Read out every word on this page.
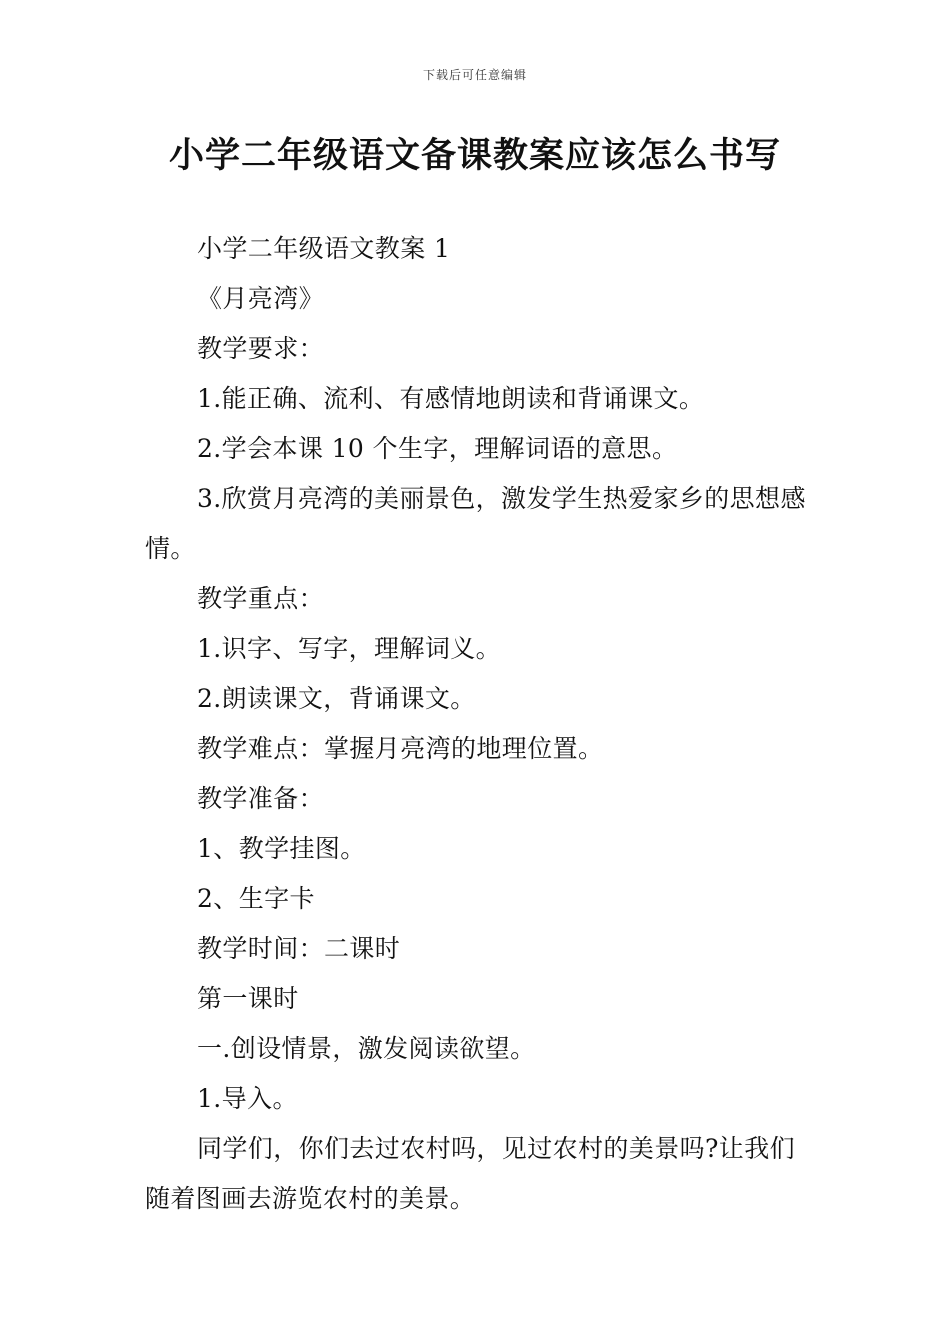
下载后可任意编辑
小学二年级语文备课教案应该怎么书写

小学二年级语文教案 1

《月亮湾》

教学要求：

1.能正确、流利、有感情地朗读和背诵课文。

2.学会本课 10 个生字，理解词语的意思。

3.欣赏月亮湾的美丽景色，激发学生热爱家乡的思想感情。

教学重点：

1.识字、写字，理解词义。

2.朗读课文，背诵课文。

教学难点：掌握月亮湾的地理位置。

教学准备：

1、教学挂图。

2、生字卡

教学时间：二课时

第一课时

一.创设情景，激发阅读欲望。

1.导入。

同学们，你们去过农村吗，见过农村的美景吗?让我们随着图画去游览农村的美景。
